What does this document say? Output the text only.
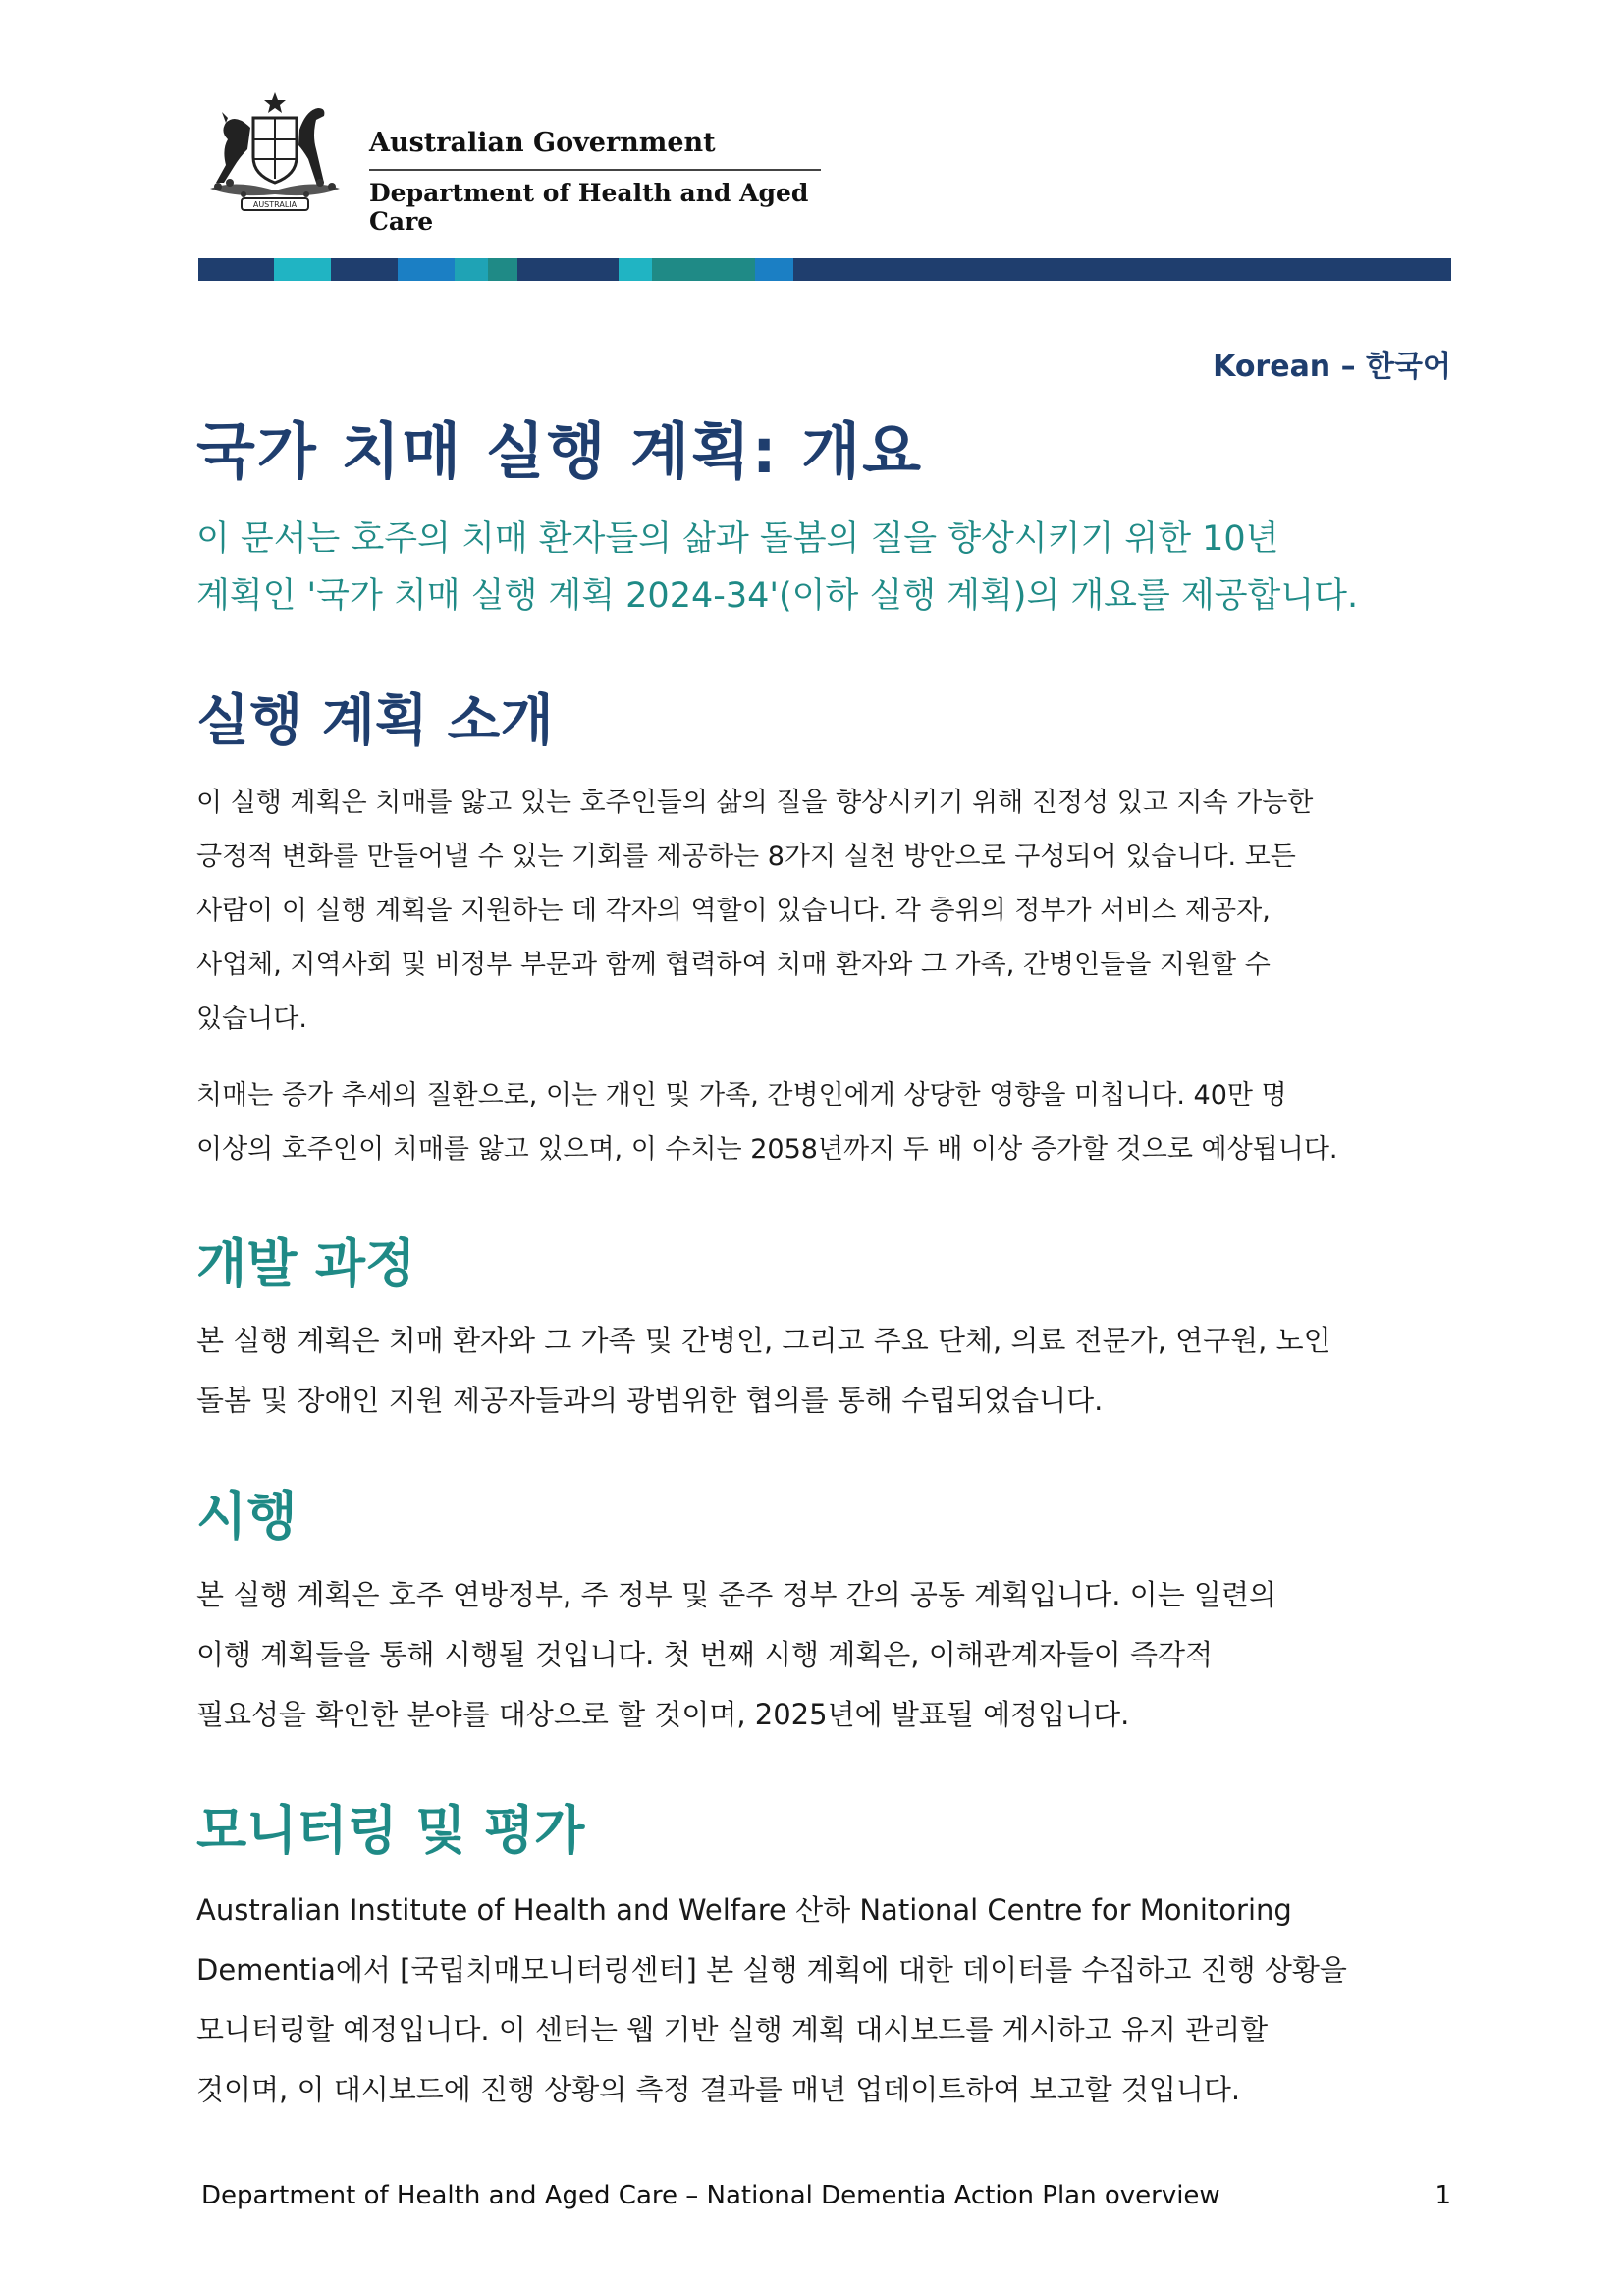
AUSTRALIA
Australian Government
Department of Health and Aged Care
Korean – 한국어
국가 치매 실행 계획: 개요

이 문서는 호주의 치매 환자들의 삶과 돌봄의 질을 향상시키기 위한 10년
계획인 '국가 치매 실행 계획 2024-34'(이하 실행 계획)의 개요를 제공합니다.

실행 계획 소개

이 실행 계획은 치매를 앓고 있는 호주인들의 삶의 질을 향상시키기 위해 진정성 있고 지속 가능한
긍정적 변화를 만들어낼 수 있는 기회를 제공하는 8가지 실천 방안으로 구성되어 있습니다. 모든
사람이 이 실행 계획을 지원하는 데 각자의 역할이 있습니다. 각 층위의 정부가 서비스 제공자,
사업체, 지역사회 및 비정부 부문과 함께 협력하여 치매 환자와 그 가족, 간병인들을 지원할 수
있습니다.

치매는 증가 추세의 질환으로, 이는 개인 및 가족, 간병인에게 상당한 영향을 미칩니다. 40만 명
이상의 호주인이 치매를 앓고 있으며, 이 수치는 2058년까지 두 배 이상 증가할 것으로 예상됩니다.

개발 과정

본 실행 계획은 치매 환자와 그 가족 및 간병인, 그리고 주요 단체, 의료 전문가, 연구원, 노인
돌봄 및 장애인 지원 제공자들과의 광범위한 협의를 통해 수립되었습니다.

시행

본 실행 계획은 호주 연방정부, 주 정부 및 준주 정부 간의 공동 계획입니다. 이는 일련의
이행 계획들을 통해 시행될 것입니다. 첫 번째 시행 계획은, 이해관계자들이 즉각적
필요성을 확인한 분야를 대상으로 할 것이며, 2025년에 발표될 예정입니다.

모니터링 및 평가

Australian Institute of Health and Welfare 산하 National Centre for Monitoring
Dementia에서 [국립치매모니터링센터] 본 실행 계획에 대한 데이터를 수집하고 진행 상황을
모니터링할 예정입니다. 이 센터는 웹 기반 실행 계획 대시보드를 게시하고 유지 관리할
것이며, 이 대시보드에 진행 상황의 측정 결과를 매년 업데이트하여 보고할 것입니다.

Department of Health and Aged Care – National Dementia Action Plan overview	1
